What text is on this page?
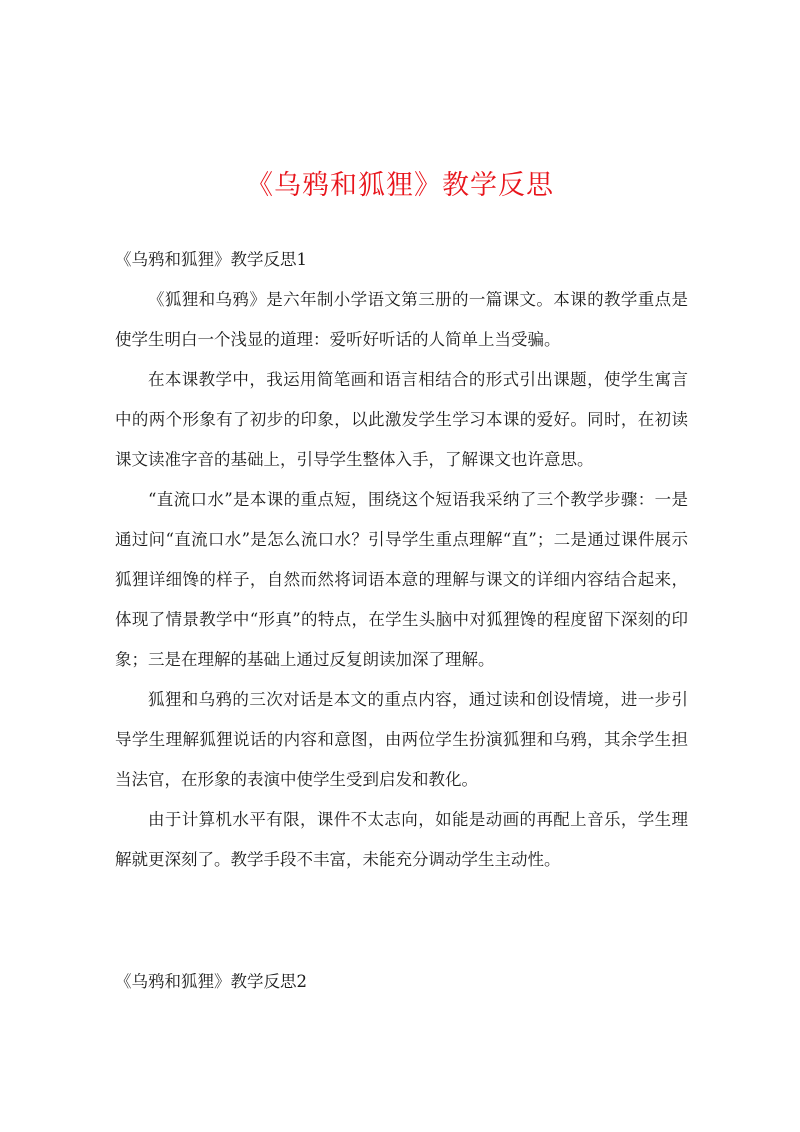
《乌鸦和狐狸》教学反思

《乌鸦和狐狸》教学反思1

《狐狸和乌鸦》是六年制小学语文第三册的一篇课文。本课的教学重点是使学生明白一个浅显的道理：爱听好听话的人简单上当受骗。

在本课教学中，我运用简笔画和语言相结合的形式引出课题，使学生寓言中的两个形象有了初步的印象，以此激发学生学习本课的爱好。同时，在初读课文读准字音的基础上，引导学生整体入手，了解课文也许意思。

“直流口水”是本课的重点短，围绕这个短语我采纳了三个教学步骤：一是通过问“直流口水”是怎么流口水？引导学生重点理解“直”；二是通过课件展示狐狸详细馋的样子，自然而然将词语本意的理解与课文的详细内容结合起来，体现了情景教学中“形真”的特点，在学生头脑中对狐狸馋的程度留下深刻的印象；三是在理解的基础上通过反复朗读加深了理解。

狐狸和乌鸦的三次对话是本文的重点内容，通过读和创设情境，进一步引导学生理解狐狸说话的内容和意图，由两位学生扮演狐狸和乌鸦，其余学生担当法官，在形象的表演中使学生受到启发和教化。

由于计算机水平有限，课件不太志向，如能是动画的再配上音乐，学生理解就更深刻了。教学手段不丰富，未能充分调动学生主动性。

《乌鸦和狐狸》教学反思2
